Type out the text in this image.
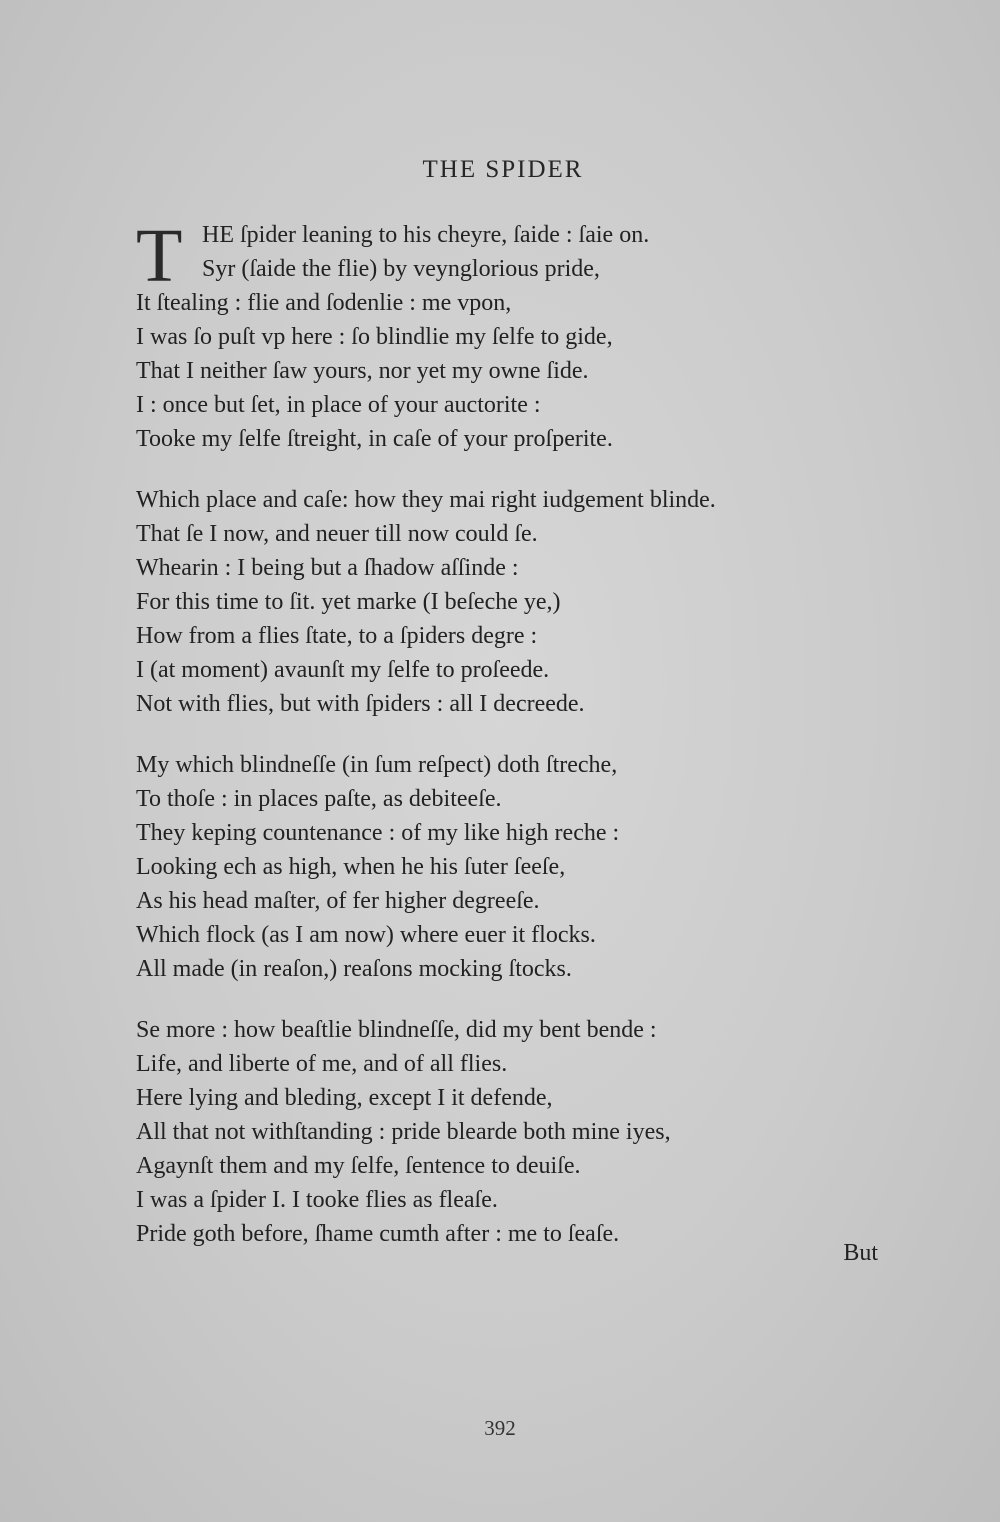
THE SPIDER
T HE ſpider leaning to his cheyre, ſaide : ſaie on.
Syr (ſaide the flie) by veynglorious pride,
It ſtealing : flie and ſodenlie : me vpon,
I was ſo puſt vp here : ſo blindlie my ſelfe to gide,
That I neither ſaw yours, nor yet my owne ſide.
I : once but ſet, in place of your auctorite :
Tooke my ſelfe ſtreight, in caſe of your proſperite.
Which place and caſe: how they mai right iudgement blinde.
That ſe I now, and neuer till now could ſe.
Whearin : I being but a ſhadow aſſinde :
For this time to ſit. yet marke (I beſeche ye,)
How from a flies ſtate, to a ſpiders degre :
I (at moment) avaunſt my ſelfe to proſeede.
Not with flies, but with ſpiders : all I decreede.
My which blindneſſe (in ſum reſpect) doth ſtreche,
To thoſe : in places paſte, as debiteeſe.
They keping countenance : of my like high reche :
Looking ech as high, when he his ſuter ſeeſe,
As his head maſter, of fer higher degreeſe.
Which flock (as I am now) where euer it flocks.
All made (in reaſon,) reaſons mocking ſtocks.
Se more : how beaſtlie blindneſſe, did my bent bende :
Life, and liberte of me, and of all flies.
Here lying and bleding, except I it defende,
All that not withſtanding : pride blearde both mine iyes,
Agaynſt them and my ſelfe, ſentence to deuiſe.
I was a ſpider I. I tooke flies as fleaſe.
Pride goth before, ſhame cumth after : me to ſeaſe.
But
392
